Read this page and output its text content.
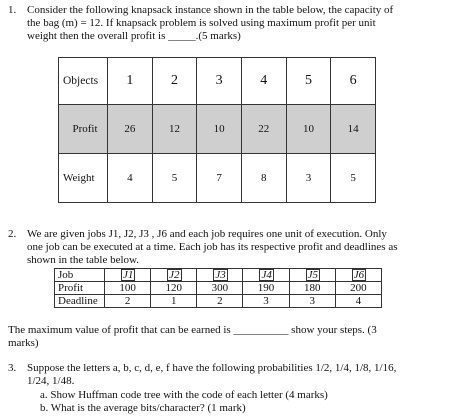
1. Consider the following knapsack instance shown in the table below, the capacity of
the bag (m) = 12. If knapsack problem is solved using maximum profit per unit
weight then the overall profit is _____.(5 marks)
Objects	1	2	3	4	5	6
Profit	26	12	10	22	10	14
Weight	4	5	7	8	3	5
2. We are given jobs J1, J2, J3 , J6 and each job requires one unit of execution. Only
one job can be executed at a time. Each job has its respective profit and deadlines as
shown in the table below.
Job	J1	J2	J3	J4	J5	J6
Profit	100	120	300	190	180	200
Deadline	2	1	2	3	3	4
The maximum value of profit that can be earned is __________ show your steps. (3
marks)
3. Suppose the letters a, b, c, d, e, f have the following probabilities 1/2, 1/4, 1/8, 1/16,
1/24, 1/48.
a. Show Huffman code tree with the code of each letter (4 marks)
b. What is the average bits/character? (1 mark)
